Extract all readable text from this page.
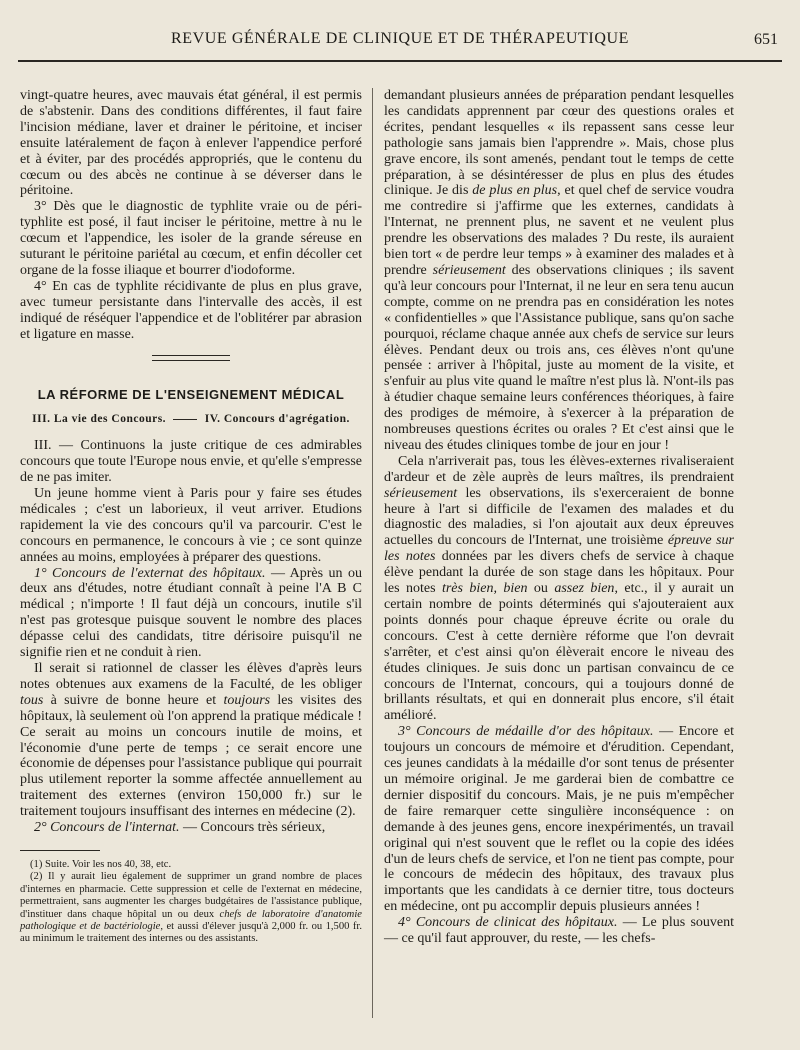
REVUE GÉNÉRALE DE CLINIQUE ET DE THÉRAPEUTIQUE	651

vingt-quatre heures, avec mauvais état général, il est permis de s'abstenir. Dans des conditions différentes, il faut faire l'incision médiane, laver et drainer le péritoine, et inciser ensuite latéralement de façon à enlever l'appendice perforé et à éviter, par des procédés appropriés, que le contenu du cœcum ou des abcès ne continue à se déverser dans le péritoine.

3° Dès que le diagnostic de typhlite vraie ou de péri-typhlite est posé, il faut inciser le péritoine, mettre à nu le cœcum et l'appendice, les isoler de la grande séreuse en suturant le péritoine pariétal au cœcum, et enfin décoller cet organe de la fosse iliaque et bourrer d'iodoforme.

4° En cas de typhlite récidivante de plus en plus grave, avec tumeur persistante dans l'intervalle des accès, il est indiqué de réséquer l'appendice et de l'oblitérer par abrasion et ligature en masse.

LA RÉFORME DE L'ENSEIGNEMENT MÉDICAL
III. La vie des Concours.	IV. Concours d'agrégation.

III. — Continuons la juste critique de ces admirables concours que toute l'Europe nous envie, et qu'elle s'empresse de ne pas imiter.

Un jeune homme vient à Paris pour y faire ses études médicales ; c'est un laborieux, il veut arriver. Etudions rapidement la vie des concours qu'il va parcourir. C'est le concours en permanence, le concours à vie ; ce sont quinze années au moins, employées à préparer des questions.

1° Concours de l'externat des hôpitaux. — Après un ou deux ans d'études, notre étudiant connaît à peine l'A B C médical ; n'importe ! Il faut déjà un concours, inutile s'il n'est pas grotesque puisque souvent le nombre des places dépasse celui des candidats, titre dérisoire puisqu'il ne signifie rien et ne conduit à rien.

Il serait si rationnel de classer les élèves d'après leurs notes obtenues aux examens de la Faculté, de les obliger tous à suivre de bonne heure et toujours les visites des hôpitaux, là seulement où l'on apprend la pratique médicale ! Ce serait au moins un concours inutile de moins, et l'économie d'une perte de temps ; ce serait encore une économie de dépenses pour l'assistance publique qui pourrait plus utilement reporter la somme affectée annuellement au traitement des externes (environ 150,000 fr.) sur le traitement toujours insuffisant des internes en médecine (2).

2° Concours de l'internat. — Concours très sérieux,

(1) Suite. Voir les nos 40, 38, etc.

(2) Il y aurait lieu également de supprimer un grand nombre de places d'internes en pharmacie. Cette suppression et celle de l'externat en médecine, permettraient, sans augmenter les charges budgétaires de l'assistance publique, d'instituer dans chaque hôpital un ou deux chefs de laboratoire d'anatomie pathologique et de bactériologie, et aussi d'élever jusqu'à 2,000 fr. ou 1,500 fr. au minimum le traitement des internes ou des assistants.

demandant plusieurs années de préparation pendant lesquelles les candidats apprennent par cœur des questions orales et écrites, pendant lesquelles « ils repassent sans cesse leur pathologie sans jamais bien l'apprendre ». Mais, chose plus grave encore, ils sont amenés, pendant tout le temps de cette préparation, à se désintéresser de plus en plus des études clinique. Je dis de plus en plus, et quel chef de service voudra me contredire si j'affirme que les externes, candidats à l'Internat, ne prennent plus, ne savent et ne veulent plus prendre les observations des malades ? Du reste, ils auraient bien tort « de perdre leur temps » à examiner des malades et à prendre sérieusement des observations cliniques ; ils savent qu'à leur concours pour l'Internat, il ne leur en sera tenu aucun compte, comme on ne prendra pas en considération les notes « confidentielles » que l'Assistance publique, sans qu'on sache pourquoi, réclame chaque année aux chefs de service sur leurs élèves. Pendant deux ou trois ans, ces élèves n'ont qu'une pensée : arriver à l'hôpital, juste au moment de la visite, et s'enfuir au plus vite quand le maître n'est plus là. N'ont-ils pas à étudier chaque semaine leurs conférences théoriques, à faire des prodiges de mémoire, à s'exercer à la préparation de nombreuses questions écrites ou orales ? Et c'est ainsi que le niveau des études cliniques tombe de jour en jour !

Cela n'arriverait pas, tous les élèves-externes rivaliseraient d'ardeur et de zèle auprès de leurs maîtres, ils prendraient sérieusement les observations, ils s'exerceraient de bonne heure à l'art si difficile de l'examen des malades et du diagnostic des maladies, si l'on ajoutait aux deux épreuves actuelles du concours de l'Internat, une troisième épreuve sur les notes données par les divers chefs de service à chaque élève pendant la durée de son stage dans les hôpitaux. Pour les notes très bien, bien ou assez bien, etc., il y aurait un certain nombre de points déterminés qui s'ajouteraient aux points donnés pour chaque épreuve écrite ou orale du concours. C'est à cette dernière réforme que l'on devrait s'arrêter, et c'est ainsi qu'on élèverait encore le niveau des études cliniques. Je suis donc un partisan convaincu de ce concours de l'Internat, concours, qui a toujours donné de brillants résultats, et qui en donnerait plus encore, s'il était amélioré.

3° Concours de médaille d'or des hôpitaux. — Encore et toujours un concours de mémoire et d'érudition. Cependant, ces jeunes candidats à la médaille d'or sont tenus de présenter un mémoire original. Je me garderai bien de combattre ce dernier dispositif du concours. Mais, je ne puis m'empêcher de faire remarquer cette singulière inconséquence : on demande à des jeunes gens, encore inexpérimentés, un travail original qui n'est souvent que le reflet ou la copie des idées d'un de leurs chefs de service, et l'on ne tient pas compte, pour le concours de médecin des hôpitaux, des travaux plus importants que les candidats à ce dernier titre, tous docteurs en médecine, ont pu accomplir depuis plusieurs années !

4° Concours de clinicat des hôpitaux. — Le plus souvent — ce qu'il faut approuver, du reste, — les chefs-
